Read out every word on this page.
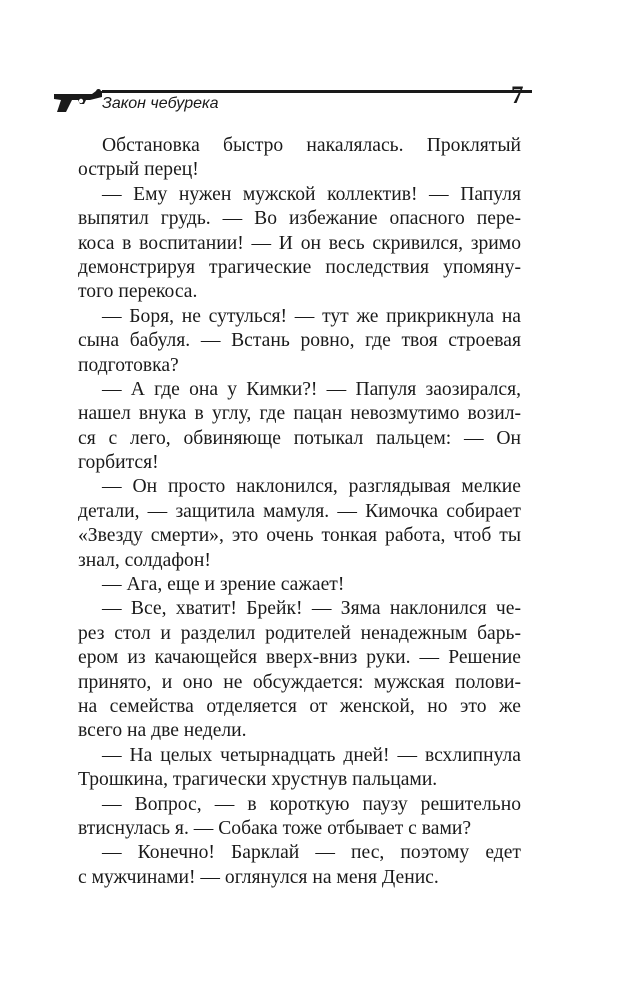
Закон чебурека	7
Обстановка быстро накалялась. Проклятый
острый перец!
— Ему нужен мужской коллектив! — Папуля
выпятил грудь. — Во избежание опасного пере-
коса в воспитании! — И он весь скривился, зримо
демонстрируя трагические последствия упомяну-
того перекоса.
— Боря, не сутулься! — тут же прикрикнула на
сына бабуля. — Встань ровно, где твоя строевая
подготовка?
— А где она у Кимки?! — Папуля заозирался,
нашел внука в углу, где пацан невозмутимо возил-
ся с лего, обвиняюще потыкал пальцем: — Он
горбится!
— Он просто наклонился, разглядывая мелкие
детали, — защитила мамуля. — Кимочка собирает
«Звезду смерти», это очень тонкая работа, чтоб ты
знал, солдафон!
— Ага, еще и зрение сажает!
— Все, хватит! Брейк! — Зяма наклонился че-
рез стол и разделил родителей ненадежным барь-
ером из качающейся вверх-вниз руки. — Решение
принято, и оно не обсуждается: мужская полови-
на семейства отделяется от женской, но это же
всего на две недели.
— На целых четырнадцать дней! — всхлипнула
Трошкина, трагически хрустнув пальцами.
— Вопрос, — в короткую паузу решительно
втиснулась я. — Собака тоже отбывает с вами?
— Конечно! Барклай — пес, поэтому едет
с мужчинами! — оглянулся на меня Денис.
